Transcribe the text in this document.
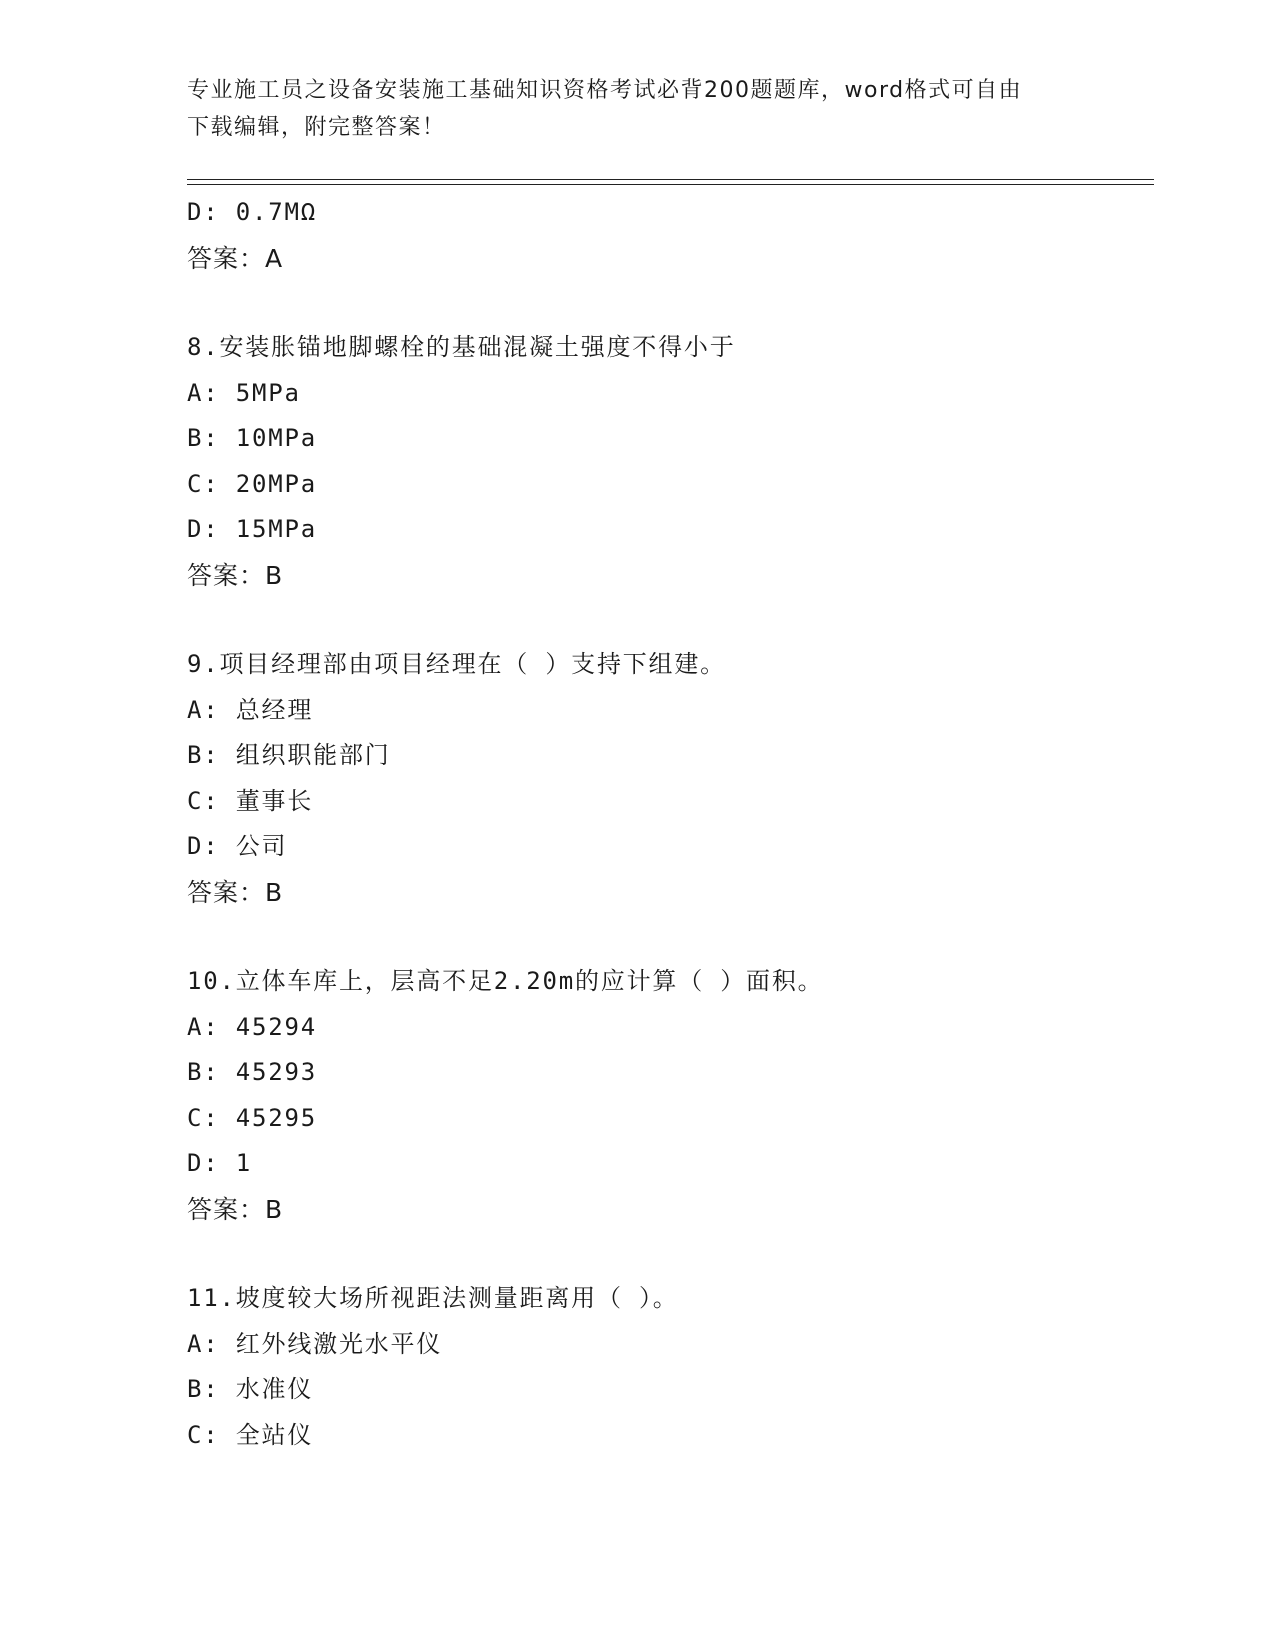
专业施工员之设备安装施工基础知识资格考试必背200题题库，word格式可自由
下载编辑，附完整答案！
D: 0.7MΩ
答案：A
8.安装胀锚地脚螺栓的基础混凝土强度不得小于
A: 5MPa
B: 10MPa
C: 20MPa
D: 15MPa
答案：B
9.项目经理部由项目经理在（ ）支持下组建。
A: 总经理
B: 组织职能部门
C: 董事长
D: 公司
答案：B
10.立体车库上，层高不足2.20m的应计算（ ）面积。
A: 45294
B: 45293
C: 45295
D: 1
答案：B
11.坡度较大场所视距法测量距离用（ ）。
A: 红外线激光水平仪
B: 水准仪
C: 全站仪
